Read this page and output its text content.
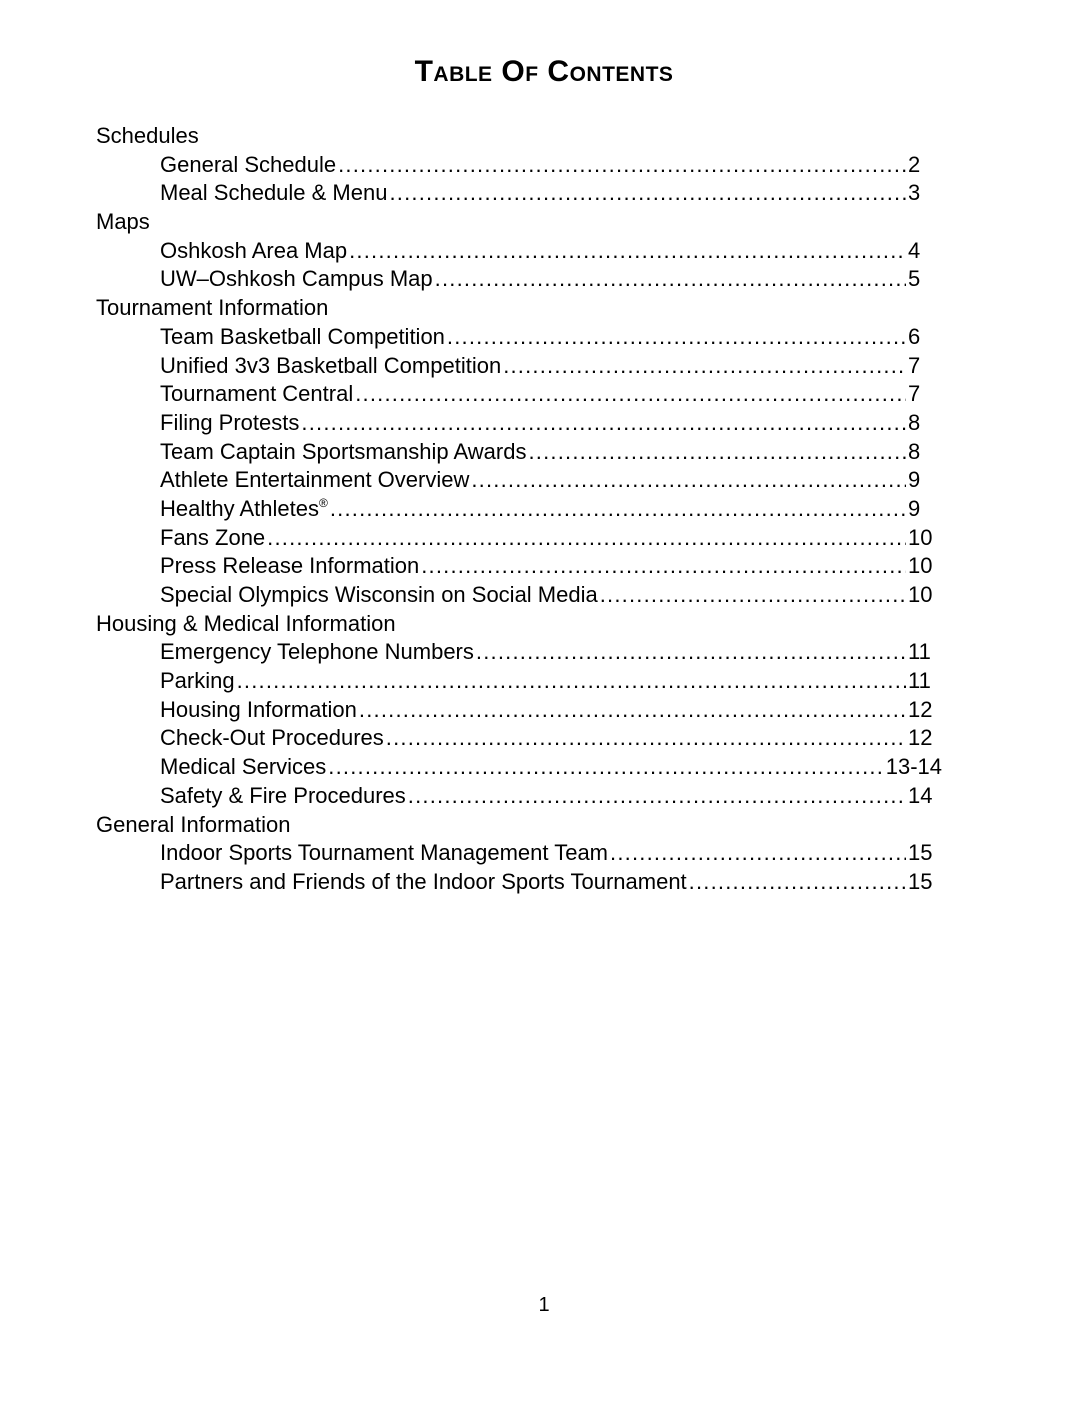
Table Of Contents
Schedules
General Schedule .....	2
Meal Schedule & Menu .....	3
Maps
Oshkosh Area Map .....	4
UW–Oshkosh Campus Map .....	5
Tournament Information
Team Basketball Competition .....	6
Unified 3v3 Basketball Competition .....	7
Tournament Central .....	7
Filing Protests .....	8
Team Captain Sportsmanship Awards .....	8
Athlete Entertainment Overview .....	9
Healthy Athletes® .....	9
Fans Zone .....	10
Press Release Information .....	10
Special Olympics Wisconsin on Social Media .....	10
Housing & Medical Information
Emergency Telephone Numbers .....	11
Parking .....	11
Housing Information .....	12
Check-Out Procedures .....	12
Medical Services .....	13-14
Safety & Fire Procedures .....	14
General Information
Indoor Sports Tournament Management Team .....	15
Partners and Friends of the Indoor Sports Tournament .....	15
1
